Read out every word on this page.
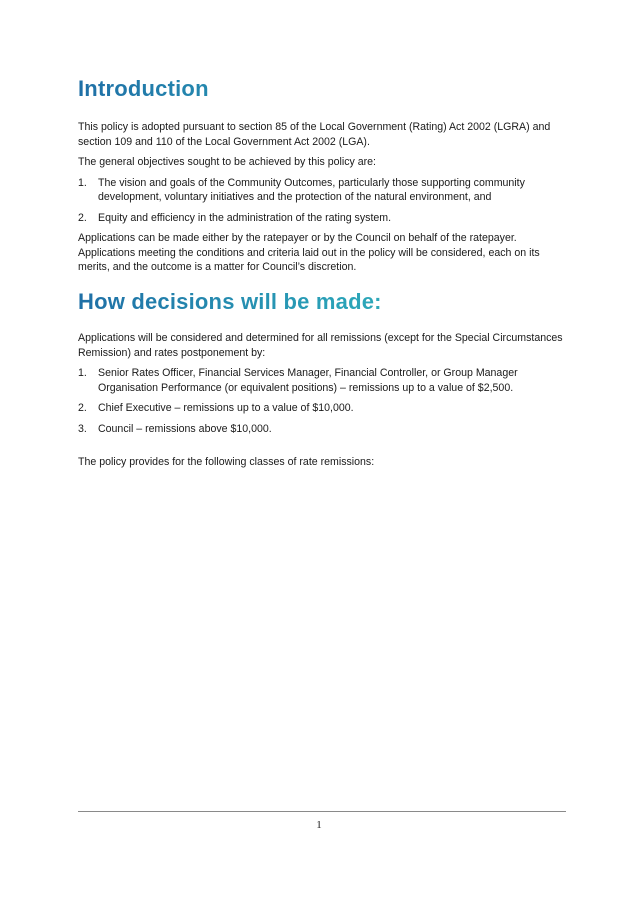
Introduction

This policy is adopted pursuant to section 85 of the Local Government (Rating) Act 2002 (LGRA) and section 109 and 110 of the Local Government Act 2002 (LGA).

The general objectives sought to be achieved by this policy are:

1.	The vision and goals of the Community Outcomes, particularly those supporting community development, voluntary initiatives and the protection of the natural environment, and
2.	Equity and efficiency in the administration of the rating system.

Applications can be made either by the ratepayer or by the Council on behalf of the ratepayer. Applications meeting the conditions and criteria laid out in the policy will be considered, each on its merits, and the outcome is a matter for Council’s discretion.

How decisions will be made:

Applications will be considered and determined for all remissions (except for the Special Circumstances Remission) and rates postponement by:

1.	Senior Rates Officer, Financial Services Manager, Financial Controller, or Group Manager Organisation Performance (or equivalent positions) – remissions up to a value of $2,500.
2.	Chief Executive – remissions up to a value of $10,000.
3.	Council – remissions above $10,000.

The policy provides for the following classes of rate remissions:

1
